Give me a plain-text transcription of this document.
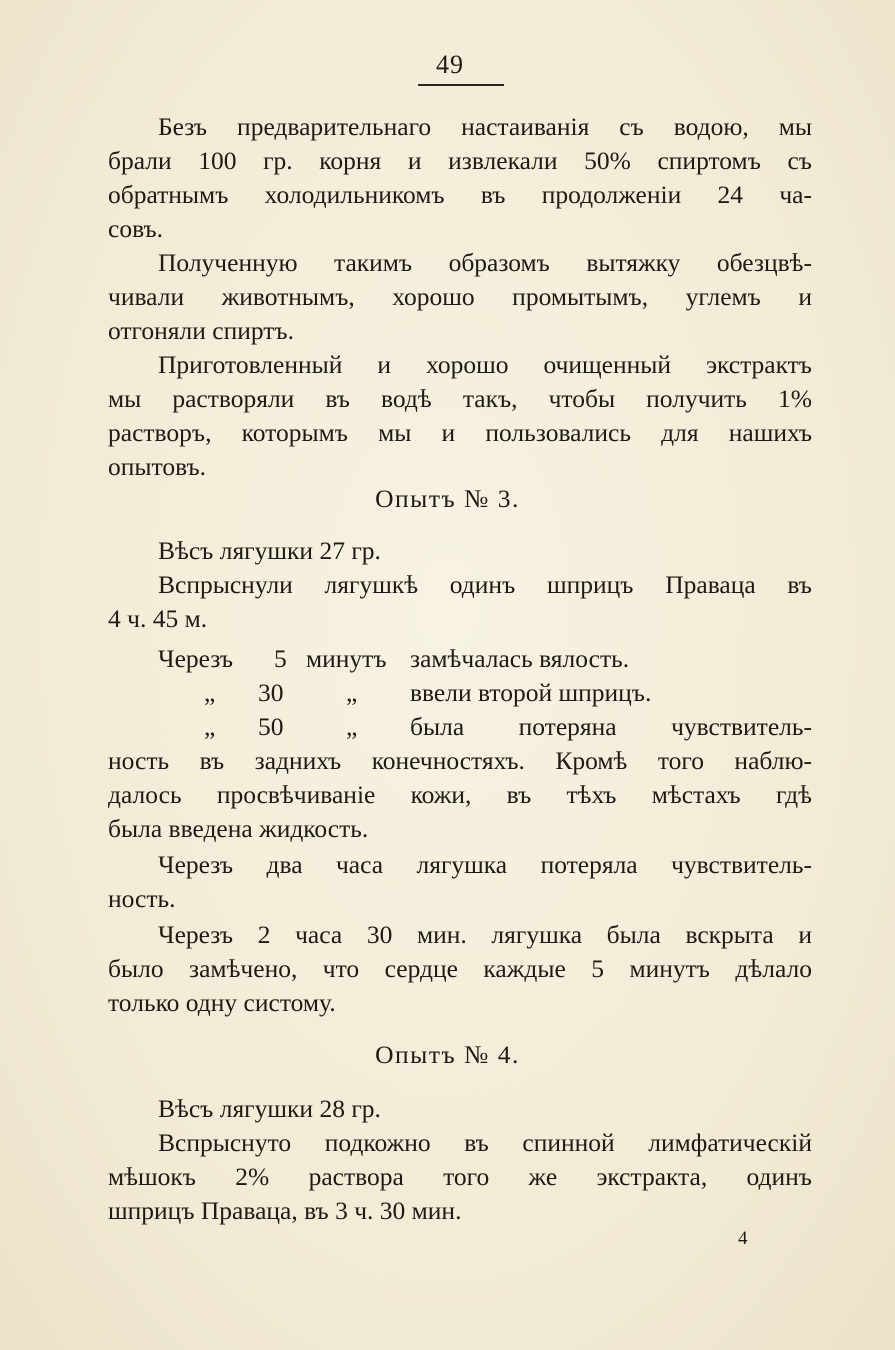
49
Безъ предварительнаго настаиванія съ водою, мы
брали 100 гр. корня и извлекали 50% спиртомъ съ
обратнымъ холодильникомъ въ продолженіи 24 ча-
совъ.
Полученную такимъ образомъ вытяжку обезцвѣ-
чивали животнымъ, хорошо промытымъ, углемъ и
отгоняли спиртъ.
Приготовленный и хорошо очищенный экстрактъ
мы растворяли въ водѣ такъ, чтобы получить 1%
растворъ, которымъ мы и пользовались для нашихъ
опытовъ.
Опытъ № 3.
Вѣсъ лягушки 27 гр.
Вспрыснули лягушкѣ одинъ шприцъ Праваца въ
4 ч. 45 м.
Черезъ 5 минутъ замѣчалась вялость.
„ 30 „ ввели второй шприцъ.
„ 50 „ была потеряна чувствитель-
ность въ заднихъ конечностяхъ. Кромѣ того наблю-
далось просвѣчиваніе кожи, въ тѣхъ мѣстахъ гдѣ
была введена жидкость.
Черезъ два часа лягушка потеряла чувствитель-
ность.
Черезъ 2 часа 30 мин. лягушка была вскрыта и
было замѣчено, что сердце каждые 5 минутъ дѣлало
только одну систому.
Опытъ № 4.
Вѣсъ лягушки 28 гр.
Вспрыснуто подкожно въ спинной лимфатическій
мѣшокъ 2% раствора того же экстракта, одинъ
шприцъ Праваца, въ 3 ч. 30 мин.
4
